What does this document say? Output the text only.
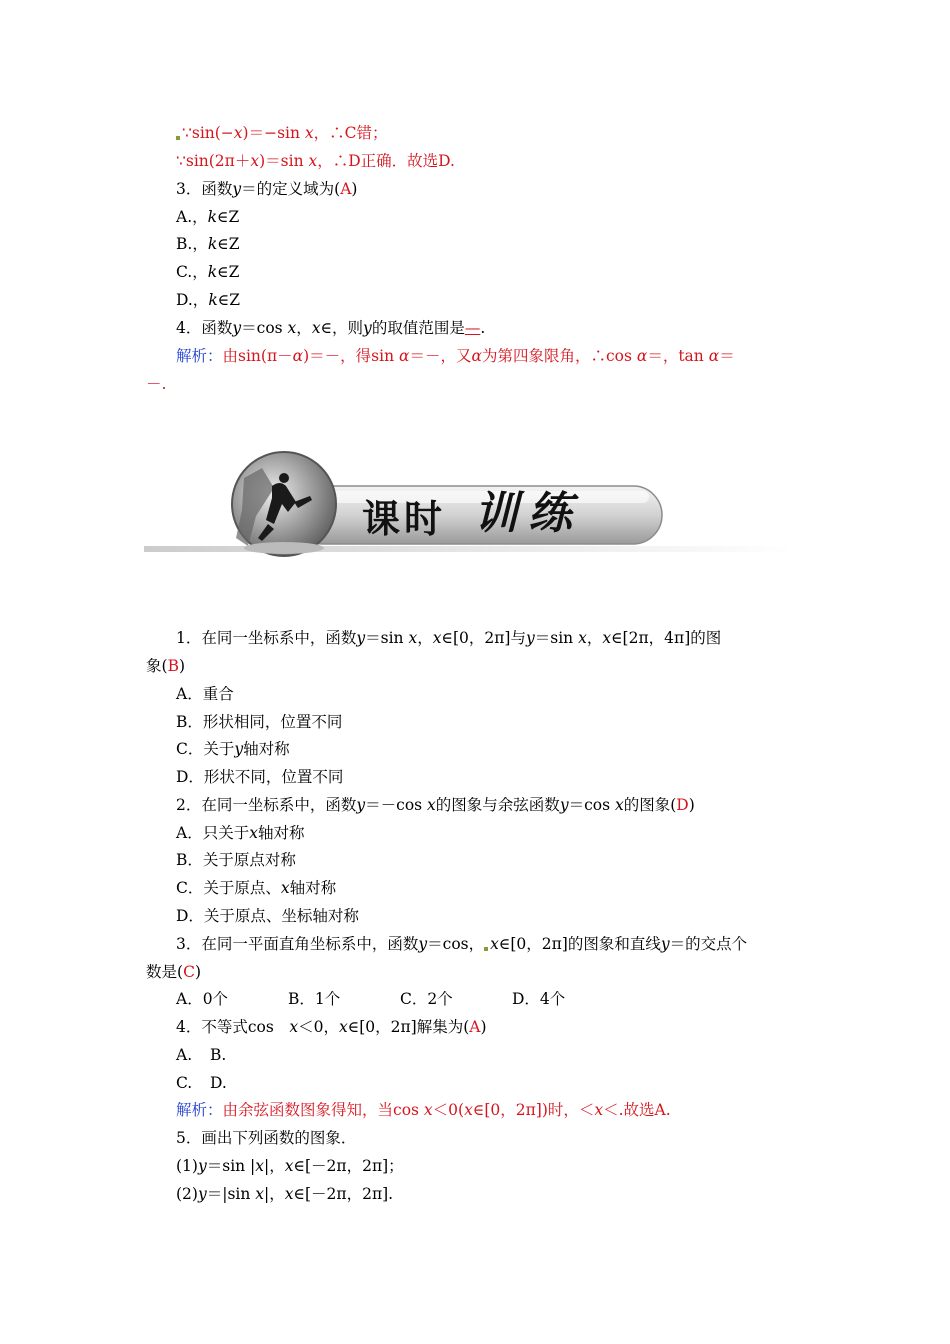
∵sin(−x)＝−sin x，∴C错；
∵sin(2π＋x)＝sin x，∴D正确．故选D.
3．函数y＝的定义域为(A)
A.，k∈Z
B.，k∈Z
C.，k∈Z
D.，k∈Z
4．函数y＝cos x，x∈，则y的取值范围是—.
解析：由sin(π－α)＝－，得sin α＝－，又α为第四象限角，∴cos α＝，tan α＝
－.
课时 训练
1．在同一坐标系中，函数y＝sin x，x∈[0，2π]与y＝sin x，x∈[2π，4π]的图
象(B)
A．重合
B．形状相同，位置不同
C．关于y轴对称
D．形状不同，位置不同
2．在同一坐标系中，函数y＝－cos x的图象与余弦函数y＝cos x的图象(D)
A．只关于x轴对称
B．关于原点对称
C．关于原点、x轴对称
D．关于原点、坐标轴对称
3．在同一平面直角坐标系中，函数y＝cos， x∈[0，2π]的图象和直线y＝的交点个
数是(C)
A．0个	B．1个	C．2个	D．4个
4．不等式cos　x＜0，x∈[0，2π]解集为(A)
A. B.
C. D.
解析：由余弦函数图象得知，当cos x＜0(x∈[0，2π])时，＜x＜.故选A.
5．画出下列函数的图象．
(1)y＝sin |x|，x∈[－2π，2π]；
(2)y＝|sin x|，x∈[－2π，2π].
